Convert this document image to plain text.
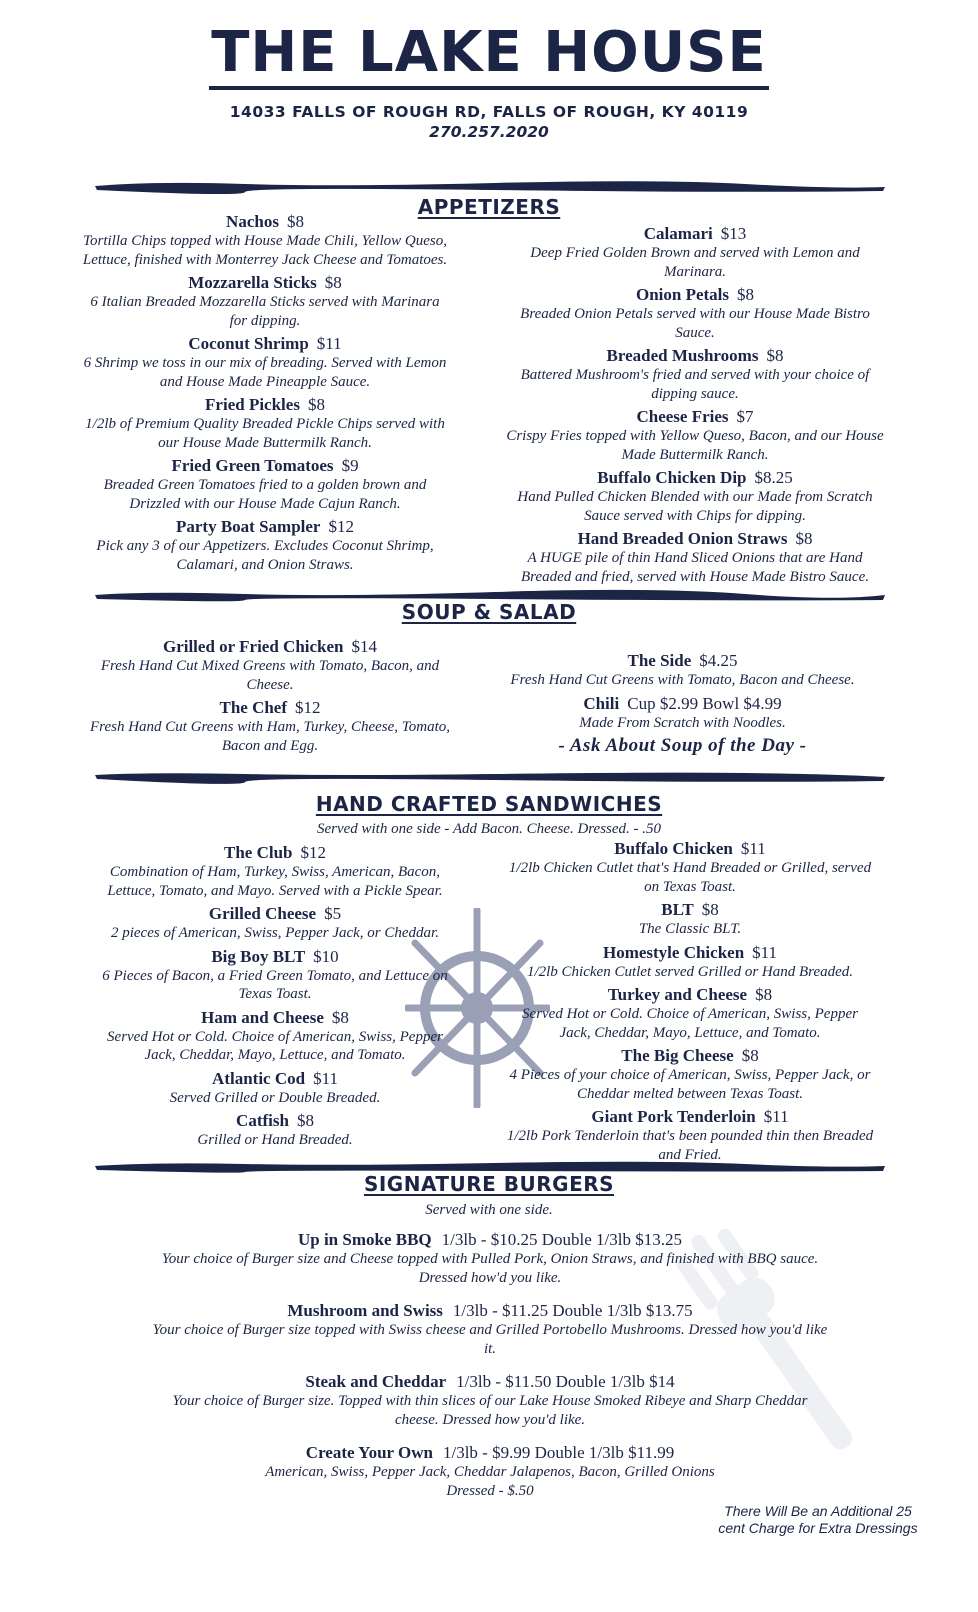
THE LAKE HOUSE
14033 FALLS OF ROUGH RD, FALLS OF ROUGH, KY 40119
270.257.2020
APPETIZERS
Nachos $8
Tortilla Chips topped with House Made Chili, Yellow Queso, Lettuce, finished with Monterrey Jack Cheese and Tomatoes.
Mozzarella Sticks $8
6 Italian Breaded Mozzarella Sticks served with Marinara for dipping.
Coconut Shrimp $11
6 Shrimp we toss in our mix of breading. Served with Lemon and House Made Pineapple Sauce.
Fried Pickles $8
1/2lb of Premium Quality Breaded Pickle Chips served with our House Made Buttermilk Ranch.
Fried Green Tomatoes $9
Breaded Green Tomatoes fried to a golden brown and Drizzled with our House Made Cajun Ranch.
Party Boat Sampler $12
Pick any 3 of our Appetizers. Excludes Coconut Shrimp, Calamari, and Onion Straws.
Calamari $13
Deep Fried Golden Brown and served with Lemon and Marinara.
Onion Petals $8
Breaded Onion Petals served with our House Made Bistro Sauce.
Breaded Mushrooms $8
Battered Mushroom's fried and served with your choice of dipping sauce.
Cheese Fries $7
Crispy Fries topped with Yellow Queso, Bacon, and our House Made Buttermilk Ranch.
Buffalo Chicken Dip $8.25
Hand Pulled Chicken Blended with our Made from Scratch Sauce served with Chips for dipping.
Hand Breaded Onion Straws $8
A HUGE pile of thin Hand Sliced Onions that are Hand Breaded and fried, served with House Made Bistro Sauce.
SOUP & SALAD
Grilled or Fried Chicken $14
Fresh Hand Cut Mixed Greens with Tomato, Bacon, and Cheese.
The Chef $12
Fresh Hand Cut Greens with Ham, Turkey, Cheese, Tomato, Bacon and Egg.
The Side $4.25
Fresh Hand Cut Greens with Tomato, Bacon and Cheese.
Chili Cup $2.99 Bowl $4.99
Made From Scratch with Noodles.
- Ask About Soup of the Day -
HAND CRAFTED SANDWICHES
Served with one side - Add Bacon. Cheese. Dressed. - .50
The Club $12
Combination of Ham, Turkey, Swiss, American, Bacon, Lettuce, Tomato, and Mayo. Served with a Pickle Spear.
Grilled Cheese $5
2 pieces of American, Swiss, Pepper Jack, or Cheddar.
Big Boy BLT $10
6 Pieces of Bacon, a Fried Green Tomato, and Lettuce on Texas Toast.
Ham and Cheese $8
Served Hot or Cold. Choice of American, Swiss, Pepper Jack, Cheddar, Mayo, Lettuce, and Tomato.
Atlantic Cod $11
Served Grilled or Double Breaded.
Catfish $8
Grilled or Hand Breaded.
Buffalo Chicken $11
1/2lb Chicken Cutlet that's Hand Breaded or Grilled, served on Texas Toast.
BLT $8
The Classic BLT.
Homestyle Chicken $11
1/2lb Chicken Cutlet served Grilled or Hand Breaded.
Turkey and Cheese $8
Served Hot or Cold. Choice of American, Swiss, Pepper Jack, Cheddar, Mayo, Lettuce, and Tomato.
The Big Cheese $8
4 Pieces of your choice of American, Swiss, Pepper Jack, or Cheddar melted between Texas Toast.
Giant Pork Tenderloin $11
1/2lb Pork Tenderloin that's been pounded thin then Breaded and Fried.
SIGNATURE BURGERS
Served with one side.
Up in Smoke BBQ 1/3lb - $10.25 Double 1/3lb $13.25
Your choice of Burger size and Cheese topped with Pulled Pork, Onion Straws, and finished with BBQ sauce. Dressed how'd you like.
Mushroom and Swiss 1/3lb - $11.25 Double 1/3lb $13.75
Your choice of Burger size topped with Swiss cheese and Grilled Portobello Mushrooms. Dressed how you'd like it.
Steak and Cheddar 1/3lb - $11.50 Double 1/3lb $14
Your choice of Burger size. Topped with thin slices of our Lake House Smoked Ribeye and Sharp Cheddar cheese. Dressed how you'd like.
Create Your Own 1/3lb - $9.99 Double 1/3lb $11.99
American, Swiss, Pepper Jack, Cheddar Jalapenos, Bacon, Grilled Onions Dressed - $.50
There Will Be an Additional 25 cent Charge for Extra Dressings
